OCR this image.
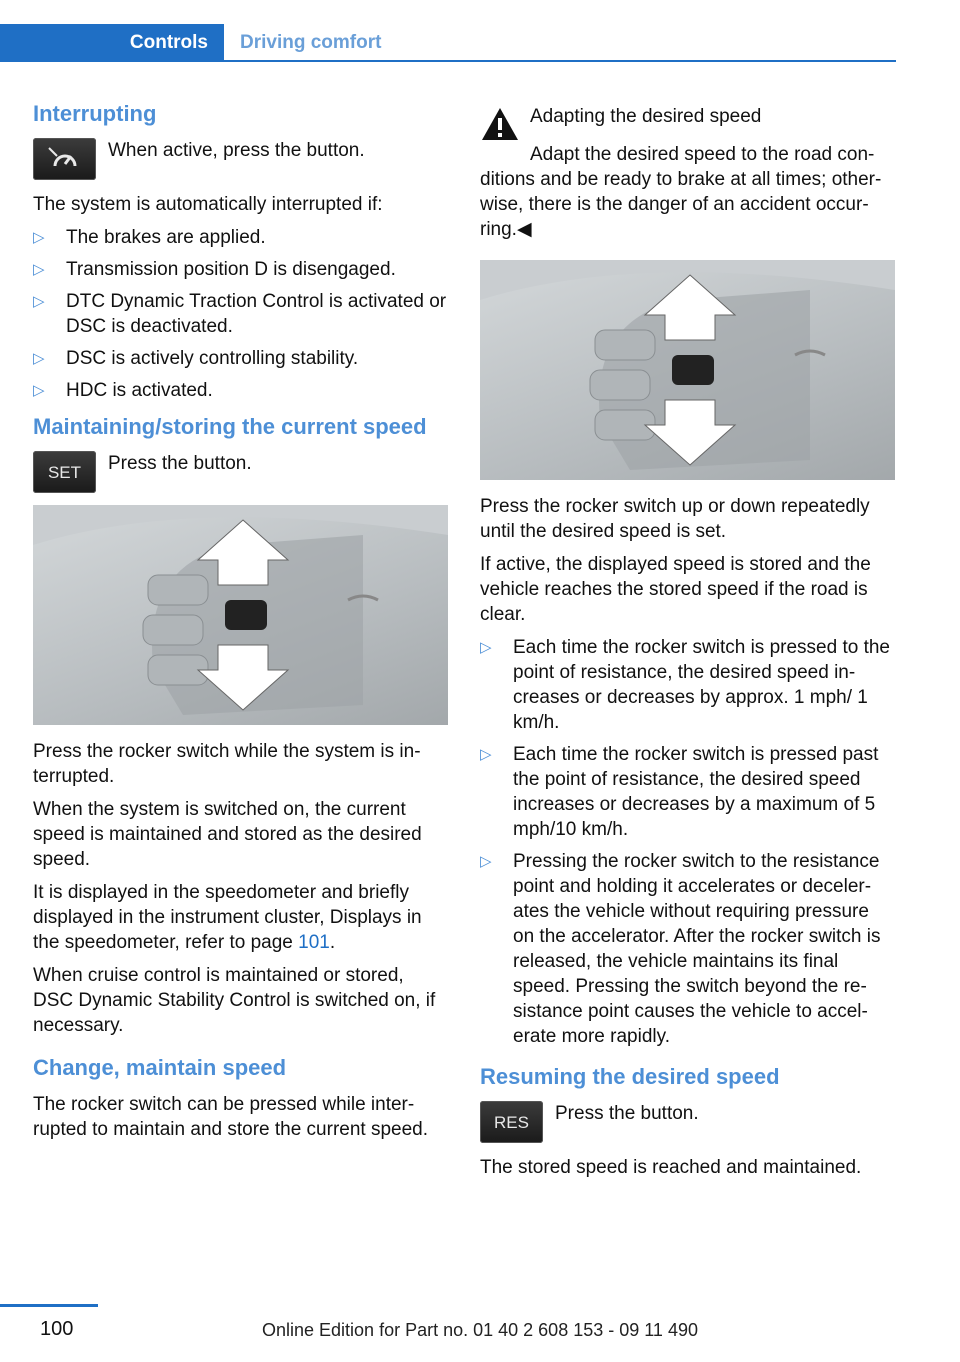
Controls	Driving comfort
Interrupting
When active, press the button.

The system is automatically interrupted if:

▷ The brakes are applied.
▷ Transmission position D is disengaged.
▷ DTC Dynamic Traction Control is activated or DSC is deactivated.
▷ DSC is actively controlling stability.
▷ HDC is activated.
Maintaining/storing the current speed
SET	Press the button.

Press the rocker switch while the system is interrupted.

When the system is switched on, the current speed is maintained and stored as the desired speed.

It is displayed in the speedometer and briefly displayed in the instrument cluster, Displays in the speedometer, refer to page 101.

When cruise control is maintained or stored, DSC Dynamic Stability Control is switched on, if necessary.

Change, maintain speed

The rocker switch can be pressed while interrupted to maintain and store the current speed.

Adapting the desired speed

Adapt the desired speed to the road conditions and be ready to brake at all times; otherwise, there is the danger of an accident occurring.◀

Press the rocker switch up or down repeatedly until the desired speed is set.

If active, the displayed speed is stored and the vehicle reaches the stored speed if the road is clear.

▷ Each time the rocker switch is pressed to the point of resistance, the desired speed increases or decreases by approx. 1 mph/ 1 km/h.
▷ Each time the rocker switch is pressed past the point of resistance, the desired speed increases or decreases by a maximum of 5 mph/10 km/h.
▷ Pressing the rocker switch to the resistance point and holding it accelerates or decelerates the vehicle without requiring pressure on the accelerator. After the rocker switch is released, the vehicle maintains its final speed. Pressing the switch beyond the resistance point causes the vehicle to accelerate more rapidly.
Resuming the desired speed
RES	Press the button.

The stored speed is reached and maintained.

100	Online Edition for Part no. 01 40 2 608 153 - 09 11 490
